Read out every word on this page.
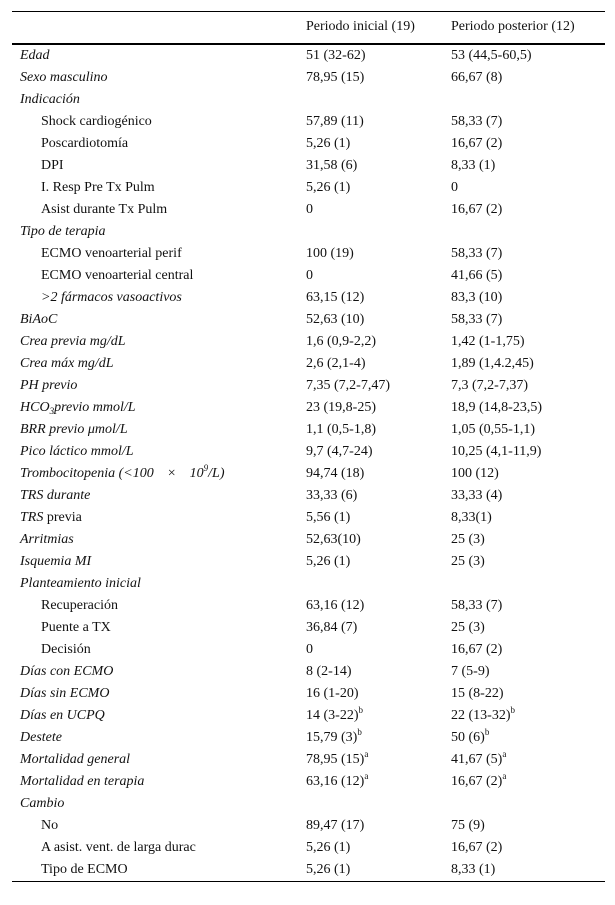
	Periodo inicial (19)	Periodo posterior (12)
Edad	51 (32-62)	53 (44,5-60,5)
Sexo masculino	78,95 (15)	66,67 (8)
Indicación		
Shock cardiogénico	57,89 (11)	58,33 (7)
Poscardiotomía	5,26 (1)	16,67 (2)
DPI	31,58 (6)	8,33 (1)
I. Resp Pre Tx Pulm	5,26 (1)	0
Asist durante Tx Pulm	0	16,67 (2)
Tipo de terapia		
ECMO venoarterial perif	100 (19)	58,33 (7)
ECMO venoarterial central	0	41,66 (5)
>2 fármacos vasoactivos	63,15 (12)	83,3 (10)
BiAoC	52,63 (10)	58,33 (7)
Crea previa mg/dL	1,6 (0,9-2,2)	1,42 (1-1,75)
Crea máx mg/dL	2,6 (2,1-4)	1,89 (1,4.2,45)
PH previo	7,35 (7,2-7,47)	7,3 (7,2-7,37)
$HCO_3previo$ mmol/L	23 (19,8-25)	18,9 (14,8-23,5)
BRR previo μmol/L	1,1 (0,5-1,8)	1,05 (0,55-1,1)
Pico láctico mmol/L	9,7 (4,7-24)	10,25 (4,1-11,9)
Trombocitopenia $(<100 \times 10^9/L)$	94,74 (18)	100 (12)
TRS durante	33,33 (6)	33,33 (4)
TRS previa	5,56 (1)	8,33(1)
Arritmias	52,63(10)	25 (3)
Isquemia MI	5,26 (1)	25 (3)
Planteamiento inicial		
Recuperación	63,16 (12)	58,33 (7)
Puente a TX	36,84 (7)	25 (3)
Decisión	0	16,67 (2)
Días con ECMO	8 (2-14)	7 (5-9)
Días sin ECMO	16 (1-20)	15 (8-22)
Días en UCPQ	14 $(3-22)^b$	22 $(13-32)^b$
Destete	15,79 $(3)^b$	50 $(6)^b$
Mortalidad general	78,95 $(15)^a$	41,67 $(5)^a$
Mortalidad en terapia	63,16 $(12)^a$	16,67 $(2)^a$
Cambio		
No	89,47 (17)	75 (9)
A asist. vent. de larga durac	5,26 (1)	16,67 (2)
Tipo de ECMO	5,26 (1)	8,33 (1)
